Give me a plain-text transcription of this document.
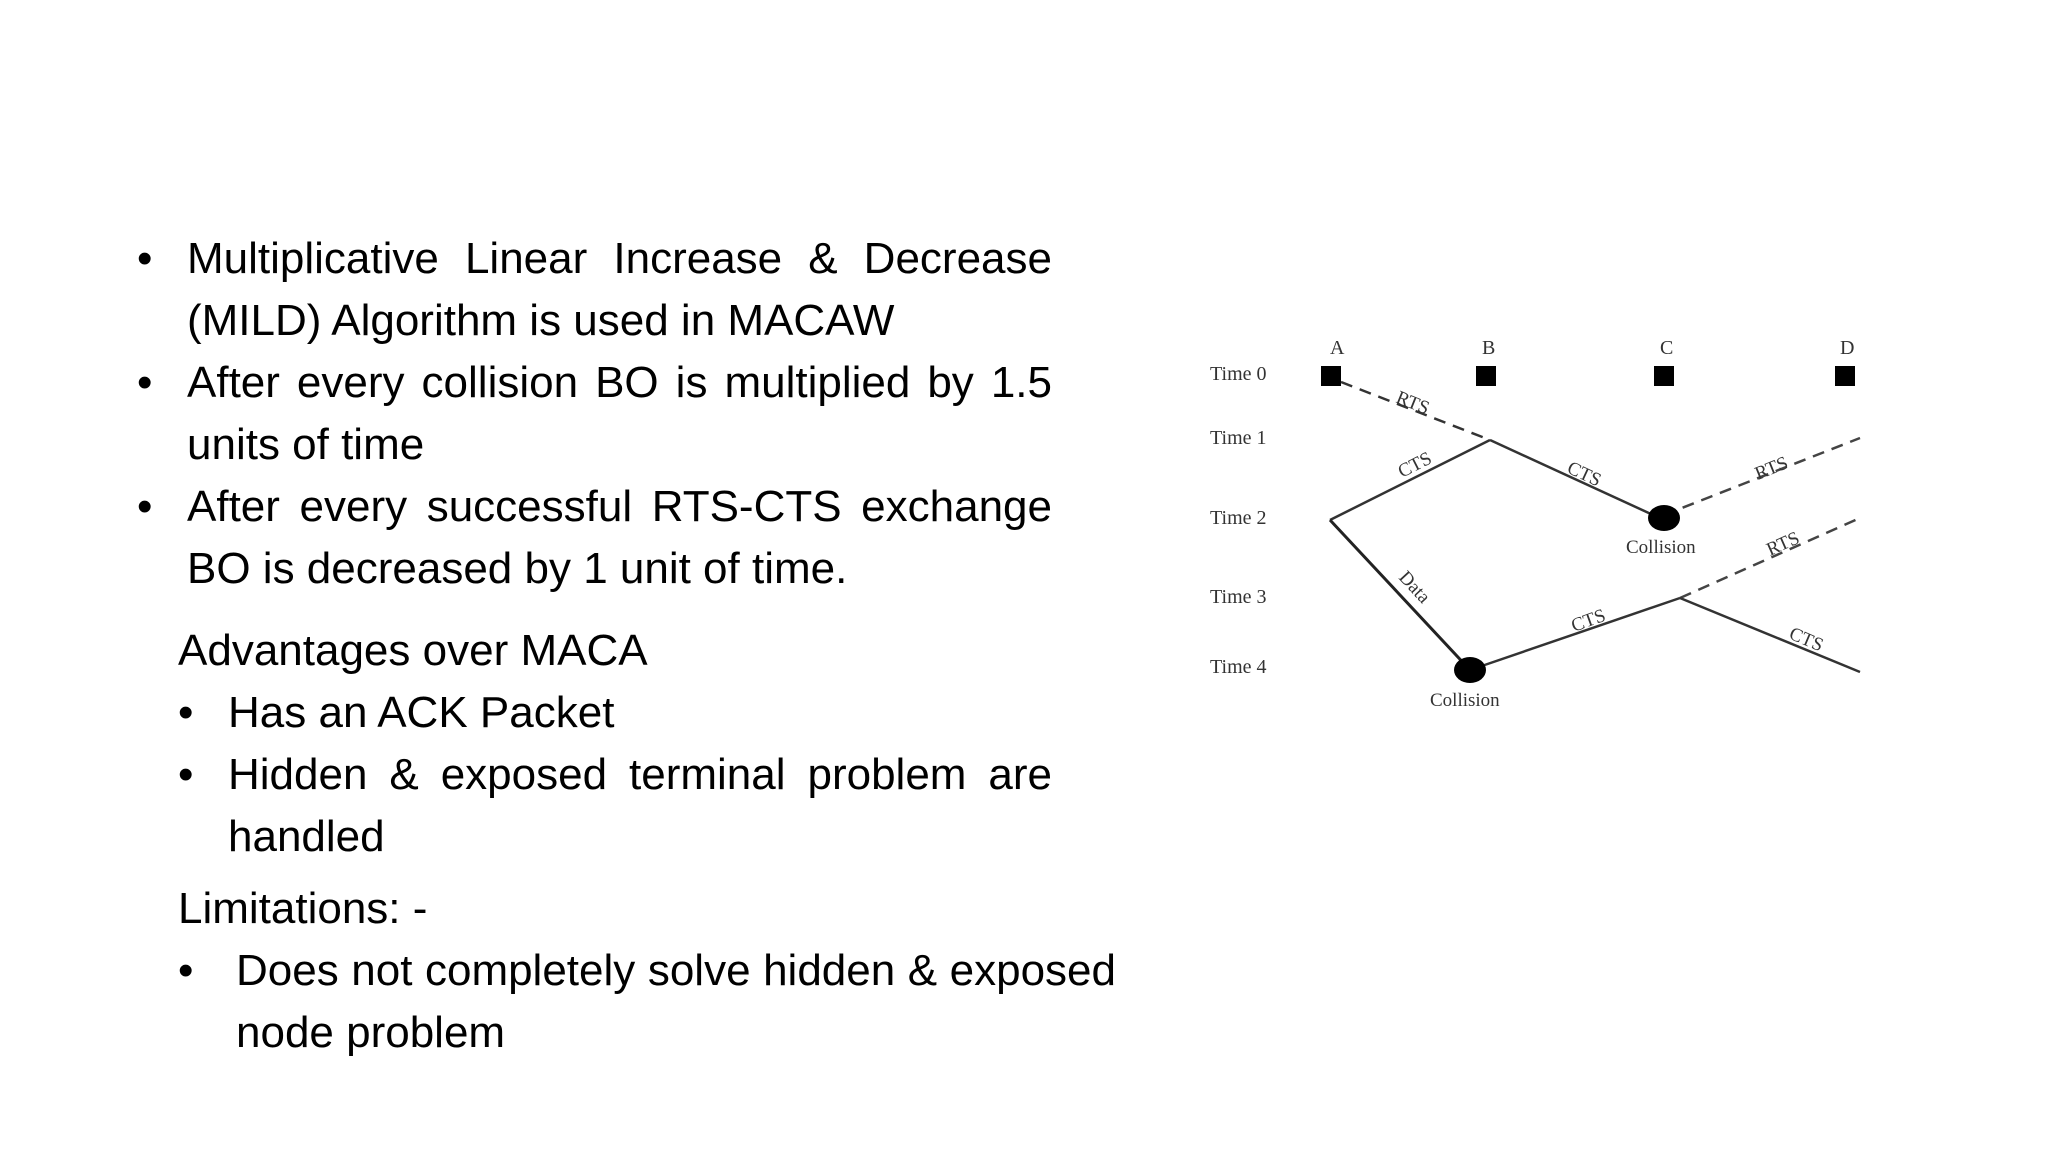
• Multiplicative Linear Increase & Decrease (MILD) Algorithm is used in MACAW
• After every collision BO is multiplied by 1.5 units of time
• After every successful RTS-CTS exchange BO is decreased by 1 unit of time.

Advantages over MACA

• Has an ACK Packet
• Hidden & exposed terminal problem are handled

Limitations: -

• Does not completely solve hidden & exposed node problem
A	B	C	D
Time 0
Time 1
Time 2
Time 3
Time 4
RTS
CTS	CTS
Data
RTS
RTS
CTS
CTS
Collision
Collision
